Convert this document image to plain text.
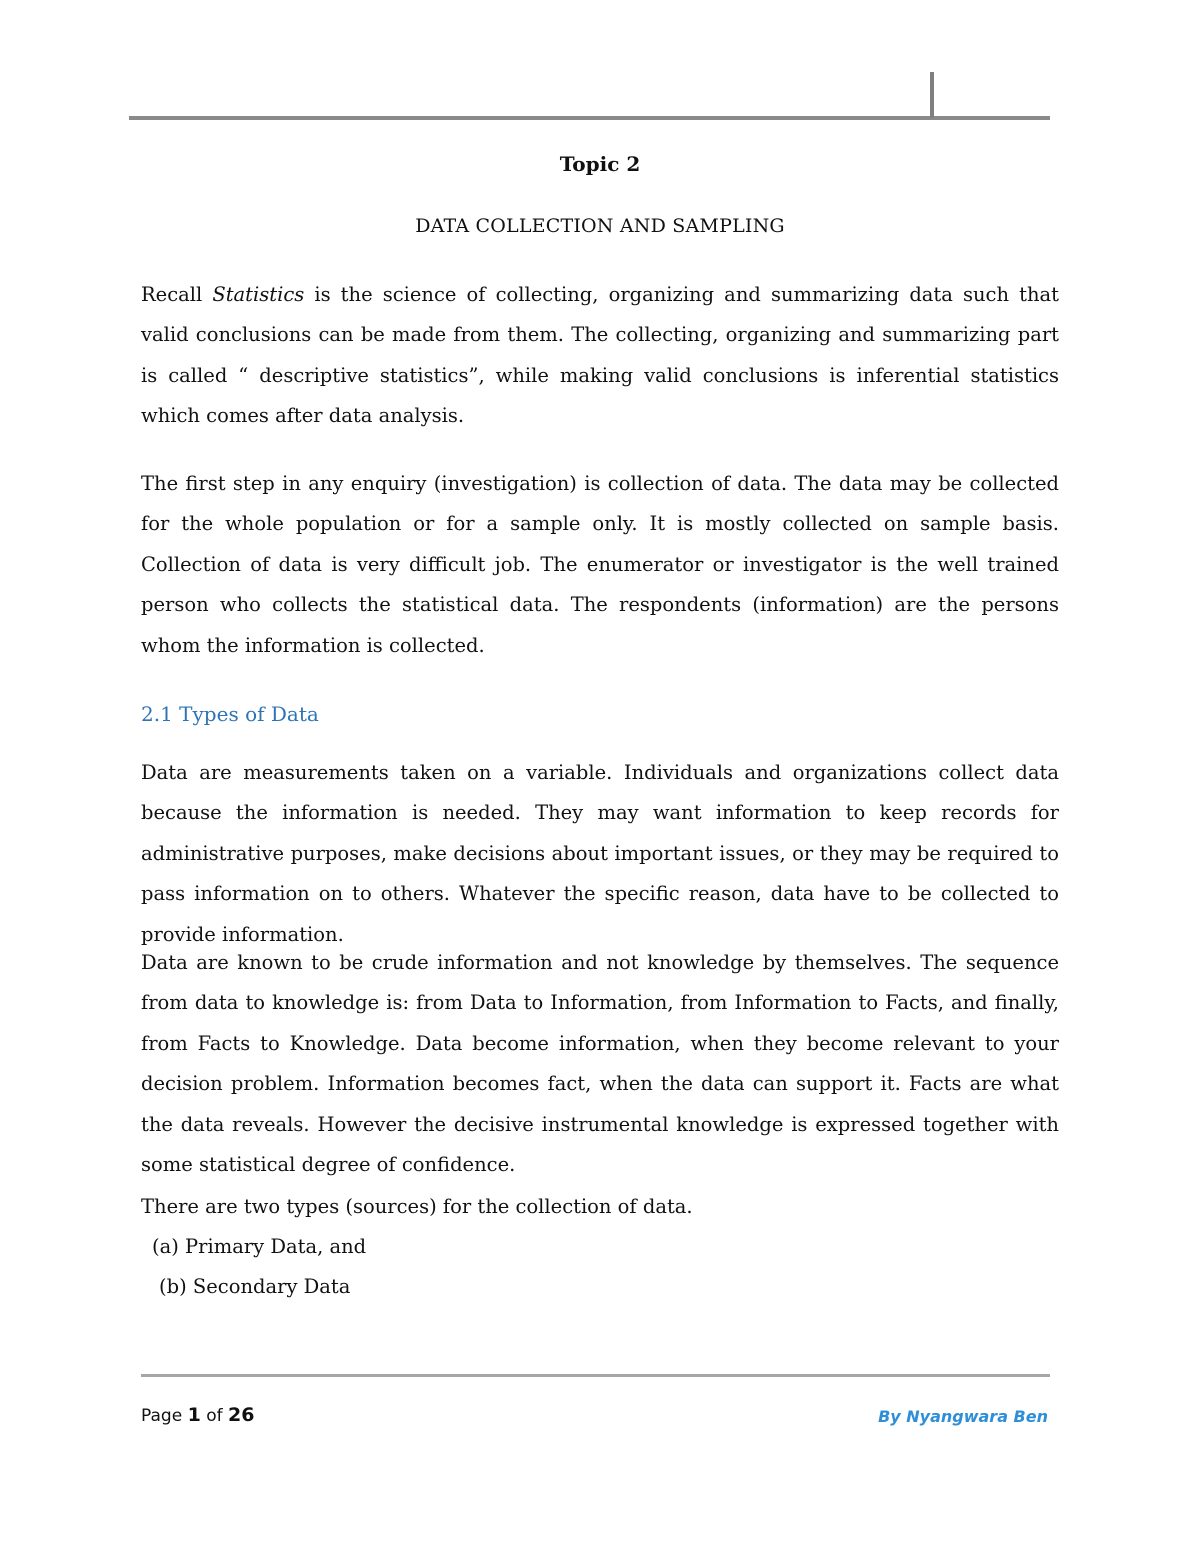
Topic 2
DATA COLLECTION AND SAMPLING

Recall Statistics is the science of collecting, organizing and summarizing data such that valid conclusions can be made from them. The collecting, organizing and summarizing part is called “ descriptive statistics”, while making valid conclusions is inferential statistics which comes after data analysis.

The first step in any enquiry (investigation) is collection of data. The data may be collected for the whole population or for a sample only. It is mostly collected on sample basis. Collection of data is very difficult job. The enumerator or investigator is the well trained person who collects the statistical data. The respondents (information) are the persons whom the information is collected.

2.1 Types of Data

Data are measurements taken on a variable. Individuals and organizations collect data because the information is needed. They may want information to keep records for administrative purposes, make decisions about important issues, or they may be required to pass information on to others. Whatever the specific reason, data have to be collected to provide information.

Data are known to be crude information and not knowledge by themselves. The sequence from data to knowledge is: from Data to Information, from Information to Facts, and finally, from Facts to Knowledge. Data become information, when they become relevant to your decision problem. Information becomes fact, when the data can support it. Facts are what the data reveals. However the decisive instrumental knowledge is expressed together with some statistical degree of confidence.

There are two types (sources) for the collection of data.
(a) Primary Data, and
(b) Secondary Data
Page 1 of 26	By Nyangwara Ben
